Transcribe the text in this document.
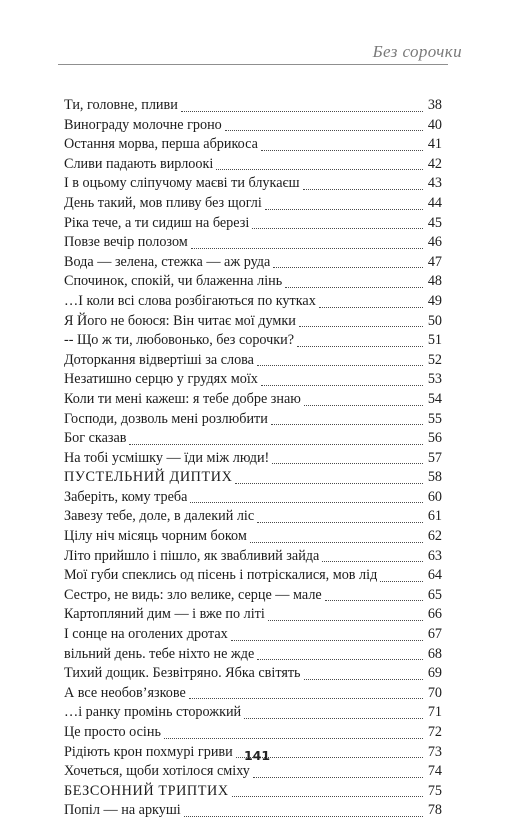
Без сорочки
Ти, головне, пливи	38
Винограду молочне гроно	40
Остання морва, перша абрикоса	41
Сливи падають вирлоокі	42
І в оцьому сліпучому маєві ти блукаєш	43
День такий, мов пливу без щоглі	44
Ріка тече, а ти сидиш на березі	45
Повзе вечір полозом	46
Вода — зелена, стежка — аж руда	47
Спочинок, спокій, чи блаженна лінь	48
…І коли всі слова розбігаються по кутках	49
Я Його не боюся: Він читає мої думки	50
-- Що ж ти, любовонько, без сорочки?	51
Доторкання відвертіші за слова	52
Незатишно серцю у грудях моїх	53
Коли ти мені кажеш: я тебе добре знаю	54
Господи, дозволь мені розлюбити	55
Бог сказав	56
На тобі усмішку — їди між люди!	57
ПУСТЕЛЬНИЙ ДИПТИХ	58
Заберіть, кому треба	60
Завезу тебе, доле, в далекий ліс	61
Цілу ніч місяць чорним боком	62
Літо прийшло і пішло, як звабливий зайда	63
Мої губи спеклись од пісень і потріскалися, мов лід	64
Сестро, не видь: зло велике, серце — мале	65
Картопляний дим — і вже по літі	66
І сонце на оголених дротах	67
вільний день. тебе ніхто не жде	68
Тихий дощик. Безвітряно. Ябка світять	69
А все необов’язкове	70
…і ранку промінь сторожкий	71
Це просто осінь	72
Рідіють крон похмурі гриви	73
Хочеться, щоби хотілося сміху	74
БЕЗСОННИЙ ТРИПТИХ	75
Попіл — на аркуші	78
141
